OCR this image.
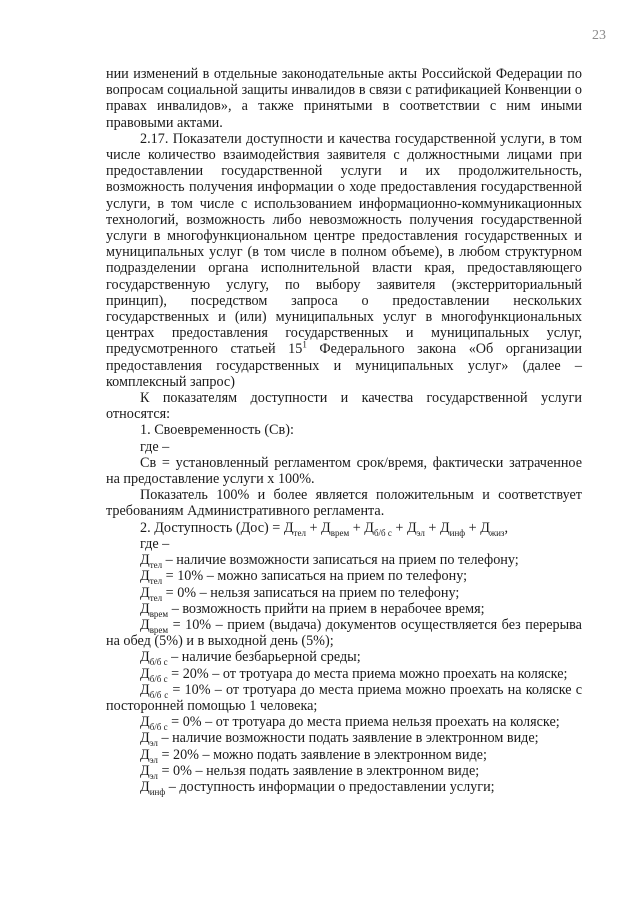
23

нии изменений в отдельные законодательные акты Российской Федерации по вопросам социальной защиты инвалидов в связи с ратификацией Конвенции о правах инвалидов», а также принятыми в соответствии с ним иными правовыми актами.

2.17. Показатели доступности и качества государственной услуги, в том числе количество взаимодействия заявителя с должностными лицами при предоставлении государственной услуги и их продолжительность, возможность получения информации о ходе предоставления государственной услуги, в том числе с использованием информационно-коммуникационных технологий, возможность либо невозможность получения государственной услуги в многофункциональном центре предоставления государственных и муниципальных услуг (в том числе в полном объеме), в любом структурном подразделении органа исполнительной власти края, предоставляющего государственную услугу, по выбору заявителя (экстерриториальный принцип), посредством запроса о предоставлении нескольких государственных и (или) муниципальных услуг в многофункциональных центрах предоставления государственных и муниципальных услуг, предусмотренного статьей $15^1$ Федерального закона «Об организации предоставления государственных и муниципальных услуг» (далее – комплексный запрос)

К показателям доступности и качества государственной услуги относятся:

1. Своевременность (Св):

где –

Св = установленный регламентом срок/время, фактически затраченное на предоставление услуги х 100%.

Показатель 100% и более является положительным и соответствует требованиям Административного регламента.

2. Доступность $(Дос) = Д_{тел} + Д_{врем} + Д_{б/б с} + Д_{эл} + Д_{инф} + Д_{жиз}$,

где –

$Д_{тел}$ – наличие возможности записаться на прием по телефону;

$Д_{тел} = 10\%$ – можно записаться на прием по телефону;

$Д_{тел} = 0\%$ – нельзя записаться на прием по телефону;

$Д_{врем}$ – возможность прийти на прием в нерабочее время;

$Д_{врем} = 10\%$ – прием (выдача) документов осуществляется без перерыва на обед (5%) и в выходной день (5%);

$Д_{б/б с}$ – наличие безбарьерной среды;

$Д_{б/б с} = 20\%$ – от тротуара до места приема можно проехать на коляске;

$Д_{б/б с} = 10\%$ – от тротуара до места приема можно проехать на коляске с посторонней помощью 1 человека;

$Д_{б/б с} = 0\%$ – от тротуара до места приема нельзя проехать на коляске;

$Д_{эл}$ – наличие возможности подать заявление в электронном виде;

$Д_{эл} = 20\%$ – можно подать заявление в электронном виде;

$Д_{эл} = 0\%$ – нельзя подать заявление в электронном виде;

$Д_{инф}$ – доступность информации о предоставлении услуги;
